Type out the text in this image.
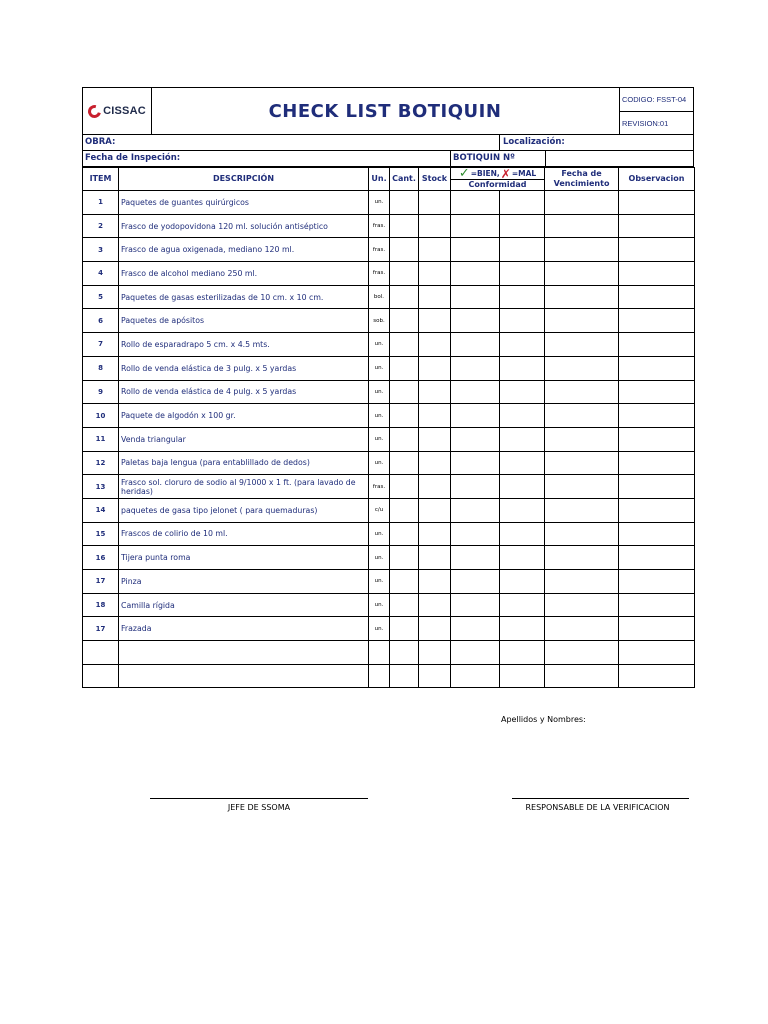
CISSAC	CHECK LIST BOTIQUIN
CODIGO: FSST-04
REVISION:01
OBRA:	Localización:
Fecha de Inspeción:	BOTIQUIN Nº
ITEM	DESCRIPCIÓN	Un.	Cant.	Stock	✓ =BIEN, ✗ =MAL
Conformidad		Fecha de Vencimiento	Observacion
1	Paquetes de guantes quirúrgicos	un.						
2	Frasco de yodopovidona 120 ml. solución antiséptico	fras.						
3	Frasco de agua oxigenada, mediano 120 ml.	fras.						
4	Frasco de alcohol mediano 250 ml.	fras.						
5	Paquetes de gasas esterilizadas de 10 cm. x 10 cm.	bol.						
6	Paquetes de apósitos	sob.						
7	Rollo de esparadrapo 5 cm. x 4.5 mts.	un.						
8	Rollo de venda elástica de 3 pulg. x 5 yardas	un.						
9	Rollo de venda elástica de 4 pulg. x 5 yardas	un.						
10	Paquete de algodón x 100 gr.	un.						
11	Venda triangular	un.						
12	Paletas baja lengua (para entablillado de dedos)	un.						
13	Frasco sol. cloruro de sodio al 9/1000 x 1 ft. (para lavado de heridas)	fras.						
14	paquetes de gasa tipo jelonet ( para quemaduras)	c/u						
15	Frascos de colirio de 10 ml.	un.						
16	Tijera punta roma	un.						
17	Pinza	un.						
18	Camilla rígida	un.						
17	Frazada	un.						

Apellidos y Nombres:
JEFE DE SSOMA	RESPONSABLE DE LA VERIFICACION
